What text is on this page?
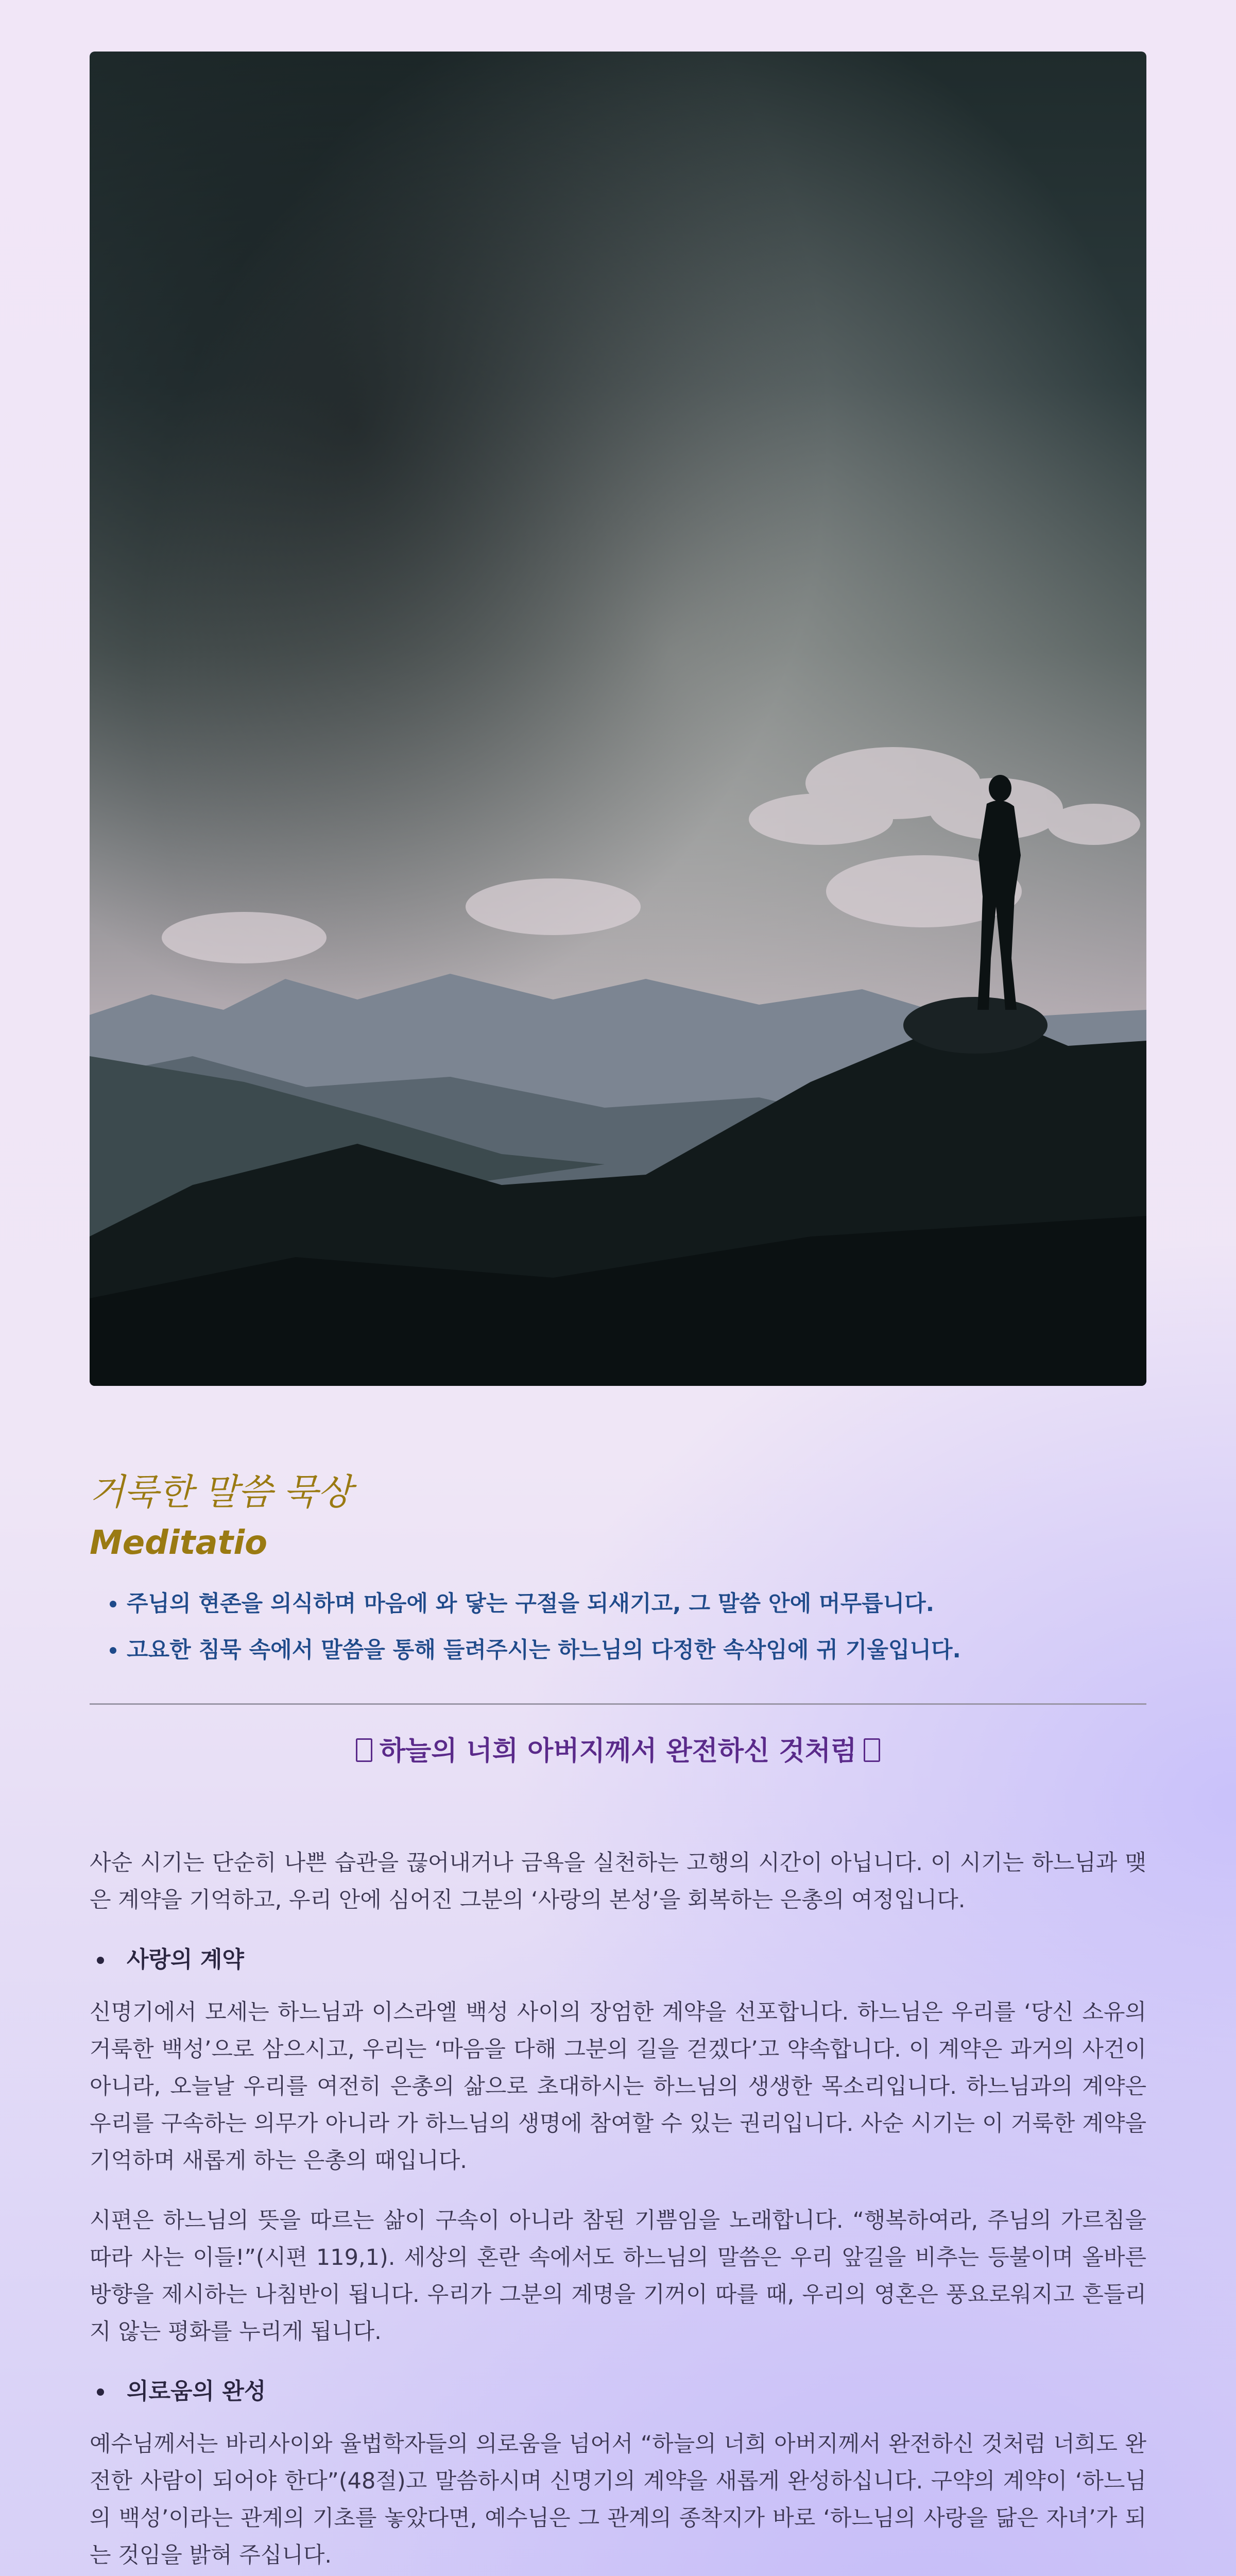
거룩한 말씀 묵상
Meditatio
• 주님의 현존을 의식하며 마음에 와 닿는 구절을 되새기고, 그 말씀 안에 머무릅니다.
• 고요한 침묵 속에서 말씀을 통해 들려주시는 하느님의 다정한 속삭임에 귀 기울입니다.
하늘의 너희 아버지께서 완전하신 것처럼

사순 시기는 단순히 나쁜 습관을 끊어내거나 금욕을 실천하는 고행의 시간이 아닙니다. 이 시기는 하느님과 맺은 계약을 기억하고, 우리 안에 심어진 그분의 ‘사랑의 본성’을 회복하는 은총의 여정입니다.

사랑의 계약

신명기에서 모세는 하느님과 이스라엘 백성 사이의 장엄한 계약을 선포합니다. 하느님은 우리를 ‘당신 소유의 거룩한 백성’으로 삼으시고, 우리는 ‘마음을 다해 그분의 길을 걷겠다’고 약속합니다. 이 계약은 과거의 사건이 아니라, 오늘날 우리를 여전히 은총의 삶으로 초대하시는 하느님의 생생한 목소리입니다. 하느님과의 계약은 우리를 구속하는 의무가 아니라 가 하느님의 생명에 참여할 수 있는 권리입니다. 사순 시기는 이 거룩한 계약을 기억하며 새롭게 하는 은총의 때입니다.

시편은 하느님의 뜻을 따르는 삶이 구속이 아니라 참된 기쁨임을 노래합니다. “행복하여라, 주님의 가르침을 따라 사는 이들!”(시편 119,1). 세상의 혼란 속에서도 하느님의 말씀은 우리 앞길을 비추는 등불이며 올바른 방향을 제시하는 나침반이 됩니다. 우리가 그분의 계명을 기꺼이 따를 때, 우리의 영혼은 풍요로워지고 흔들리지 않는 평화를 누리게 됩니다.

의로움의 완성

예수님께서는 바리사이와 율법학자들의 의로움을 넘어서 “하늘의 너희 아버지께서 완전하신 것처럼 너희도 완전한 사람이 되어야 한다”(48절)고 말씀하시며 신명기의 계약을 새롭게 완성하십니다. 구약의 계약이 ‘하느님의 백성’이라는 관계의 기초를 놓았다면, 예수님은 그 관계의 종착지가 바로 ‘하느님의 사랑을 닮은 자녀’가 되는 것임을 밝혀 주십니다.
